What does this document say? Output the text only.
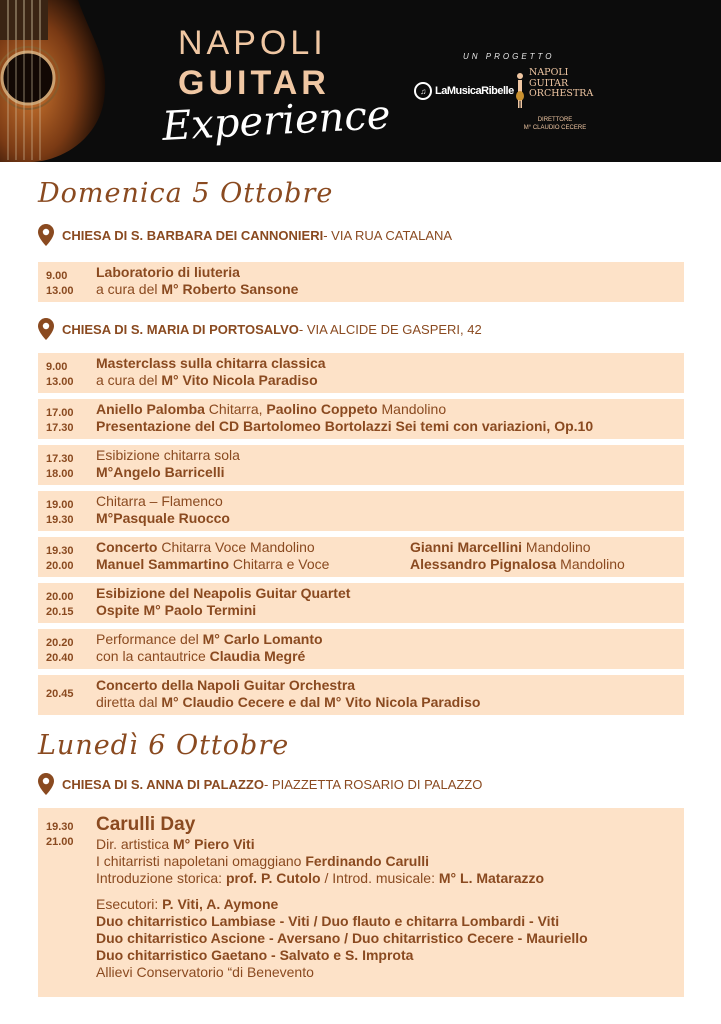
NAPOLI
GUITAR
Experience
UN PROGETTO
♫ LaMusicaRibelle
NAPOLI
GUITAR
ORCHESTRA
DIRETTORE
M° CLAUDIO CECERE
Domenica 5 Ottobre
CHIESA DI S. BARBARA DEI CANNONIERI - VIA RUA CATALANA
9.00
13.00
Laboratorio di liuteria
a cura del M° Roberto Sansone
CHIESA DI S. MARIA DI PORTOSALVO - VIA ALCIDE DE GASPERI, 42
9.00
13.00
Masterclass sulla chitarra classica
a cura del M° Vito Nicola Paradiso
17.00
17.30
Aniello Palomba Chitarra, Paolino Coppeto Mandolino
Presentazione del CD Bartolomeo Bortolazzi Sei temi con variazioni, Op.10
17.30
18.00
Esibizione chitarra sola
M°Angelo Barricelli
19.00
19.30
Chitarra – Flamenco
M°Pasquale Ruocco
19.30
20.00
Concerto Chitarra Voce Mandolino
Manuel Sammartino Chitarra e Voce
Gianni Marcellini Mandolino
Alessandro Pignalosa Mandolino
20.00
20.15
Esibizione del Neapolis Guitar Quartet
Ospite M° Paolo Termini
20.20
20.40
Performance del M° Carlo Lomanto
con la cantautrice Claudia Megré
20.45
Concerto della Napoli Guitar Orchestra
diretta dal M° Claudio Cecere e dal M° Vito Nicola Paradiso
Lunedì 6 Ottobre
CHIESA DI S. ANNA DI PALAZZO - PIAZZETTA ROSARIO DI PALAZZO
19.30
21.00
Carulli Day
Dir. artistica M° Piero Viti
I chitarristi napoletani omaggiano Ferdinando Carulli
Introduzione storica: prof. P. Cutolo / Introd. musicale: M° L. Matarazzo
Esecutori: P. Viti, A. Aymone
Duo chitarristico Lambiase - Viti / Duo flauto e chitarra Lombardi - Viti
Duo chitarristico Ascione - Aversano / Duo chitarristico Cecere - Mauriello
Duo chitarristico Gaetano - Salvato e S. Improta
Allievi Conservatorio “di Benevento
